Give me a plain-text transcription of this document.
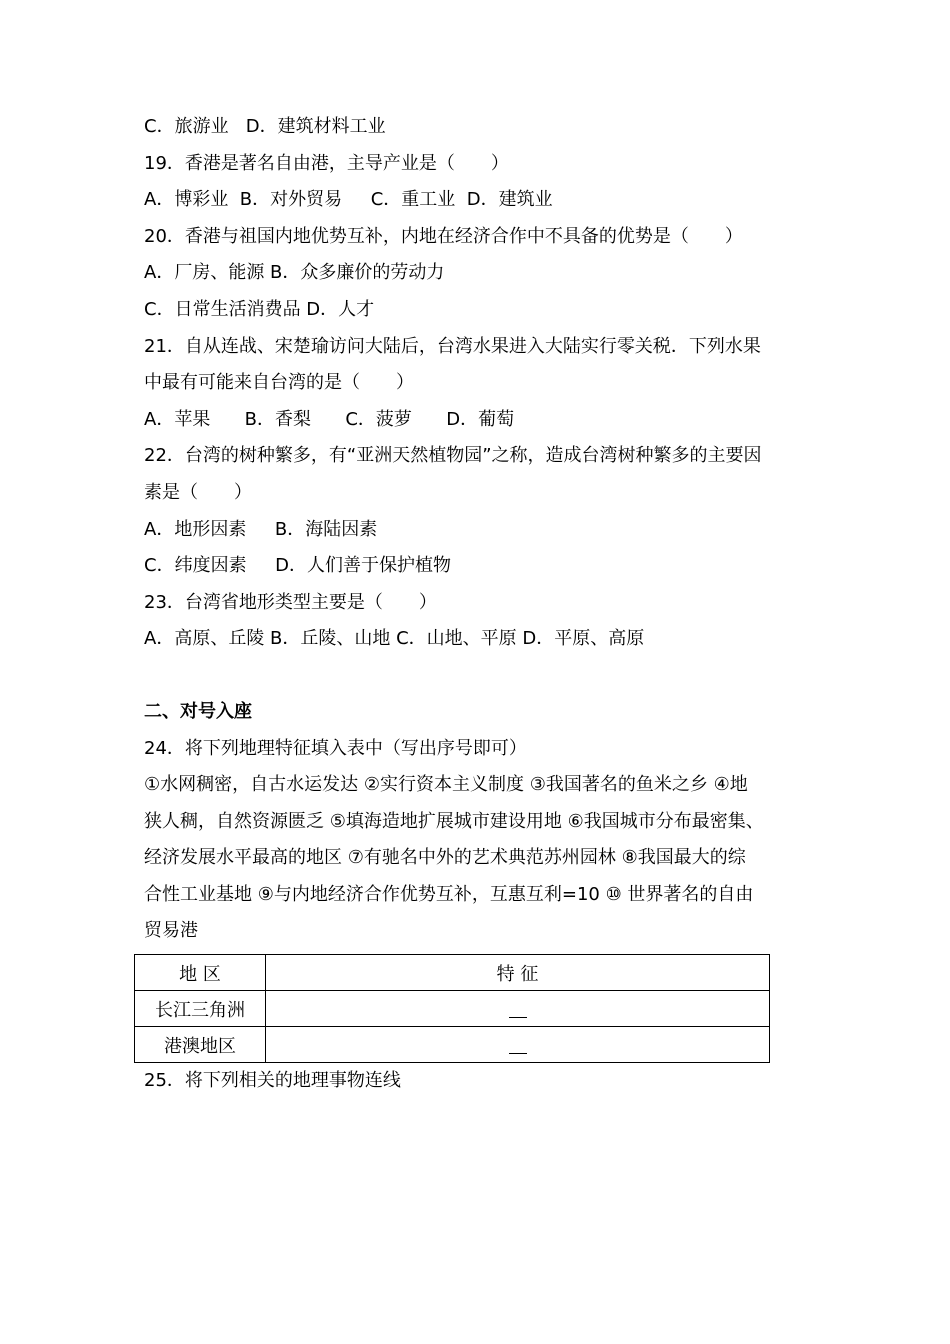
C．旅游业   D．建筑材料工业
19．香港是著名自由港，主导产业是（　　）
A．博彩业  B．对外贸易     C．重工业  D．建筑业
20．香港与祖国内地优势互补，内地在经济合作中不具备的优势是（　　）
A．厂房、能源 B．众多廉价的劳动力
C．日常生活消费品 D．人才
21．自从连战、宋楚瑜访问大陆后，台湾水果进入大陆实行零关税．下列水果
中最有可能来自台湾的是（　　）
A．苹果      B．香梨      C．菠萝      D．葡萄
22．台湾的树种繁多，有“亚洲天然植物园”之称，造成台湾树种繁多的主要因
素是（　　）
A．地形因素     B．海陆因素
C．纬度因素     D．人们善于保护植物
23．台湾省地形类型主要是（　　）
A．高原、丘陵 B．丘陵、山地 C．山地、平原 D．平原、高原
二、对号入座
24．将下列地理特征填入表中（写出序号即可）
①水网稠密，自古水运发达 ②实行资本主义制度 ③我国著名的鱼米之乡 ④地
狭人稠，自然资源匮乏 ⑤填海造地扩展城市建设用地 ⑥我国城市分布最密集、
经济发展水平最高的地区 ⑦有驰名中外的艺术典范苏州园林 ⑧我国最大的综
合性工业基地 ⑨与内地经济合作优势互补，互惠互利=10 ⑩ 世界著名的自由
贸易港
地 区	特 征
长江三角洲	
港澳地区	
25．将下列相关的地理事物连线
